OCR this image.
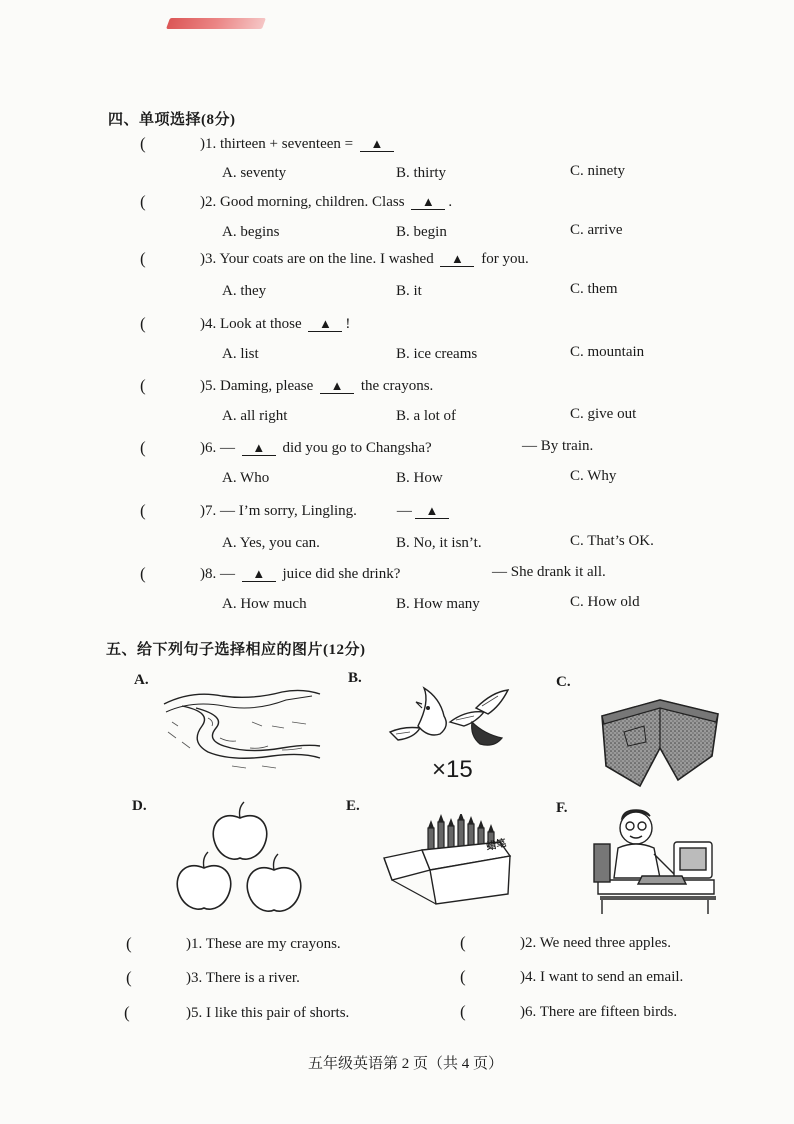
四、单项选择(8分)
(	)1. thirteen + seventeen = ▲
A. seventy	B. thirty	C. ninety
(	)2. Good morning, children. Class ▲ .
A. begins	B. begin	C. arrive
(	)3. Your coats are on the line. I washed ▲ for you.
A. they	B. it	C. them
(	)4. Look at those ▲ !
A. list	B. ice creams	C. mountain
(	)5. Daming, please ▲ the crayons.
A. all right	B. a lot of	C. give out
(	)6. — ▲ did you go to Changsha?	— By train.
A. Who	B. How	C. Why
(	)7. — I’m sorry, Lingling.	— ▲
A. Yes, you can.	B. No, it isn’t.	C. That’s OK.
(	)8. — ▲ juice did she drink?	— She drank it all.
A. How much	B. How many	C. How old
五、给下列句子选择相应的图片(12分)
A.	B.	C.
D.	E.	F.
×15
蜡笔
(	)1. These are my crayons.	(	)2. We need three apples.
(	)3. There is a river.	(	)4. I want to send an email.
(	)5. I like this pair of shorts.	(	)6. There are fifteen birds.
五年级英语第 2 页（共 4 页）
